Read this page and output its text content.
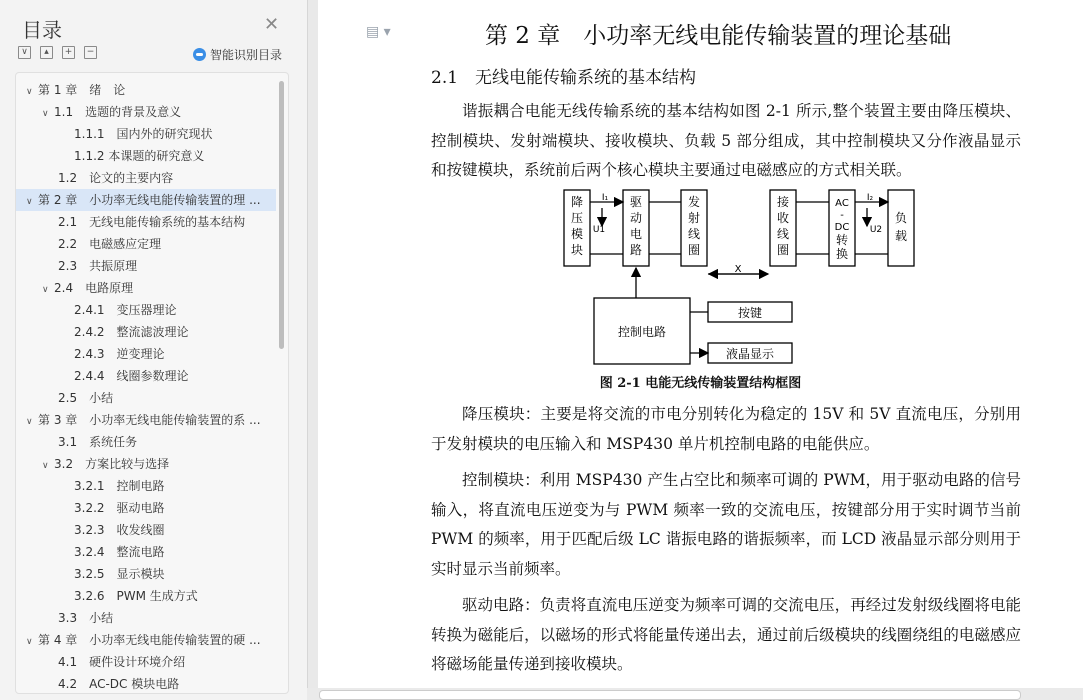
目录	✕
∨	▴	+	−	智能识别目录
∨ 第 1 章　绪　论
∨ 1.1　选题的背景及意义
1.1.1　国内外的研究现状
1.1.2 本课题的研究意义
1.2　论文的主要内容
∨ 第 2 章　小功率无线电能传输装置的理 ...
2.1　无线电能传输系统的基本结构
2.2　电磁感应定理
2.3　共振原理
∨ 2.4　电路原理
2.4.1　变压器理论
2.4.2　整流滤波理论
2.4.3　逆变理论
2.4.4　线圈参数理论
2.5　小结
∨ 第 3 章　小功率无线电能传输装置的系 ...
3.1　系统任务
∨ 3.2　方案比较与选择
3.2.1　控制电路
3.2.2　驱动电路
3.2.3　收发线圈
3.2.4　整流电路
3.2.5　显示模块
3.2.6　PWM 生成方式
3.3　小结
∨ 第 4 章　小功率无线电能传输装置的硬 ...
4.1　硬件设计环境介绍
4.2　AC-DC 模块电路
▤ ▾	第 2 章　小功率无线电能传输装置的理论基础
2.1　无线电能传输系统的基本结构
谐振耦合电能无线传输系统的基本结构如图 2-1 所示,整个装置主要由降压模块、控制模块、发射端模块、接收模块、负载 5 部分组成，其中控制模块又分作液晶显示和按键模块，系统前后两个核心模块主要通过电磁感应的方式相关联。
降
压
模
块
驱
动
电
路
发
射
线
圈
接
收
线
圈
AC
-
DC
转
换
负
载
控制电路
按键
液晶显示
I₁
U1
I₂
U2
X
图 2-1 电能无线传输装置结构框图
降压模块：主要是将交流的市电分别转化为稳定的 15V 和 5V 直流电压，分别用于发射模块的电压输入和 MSP430 单片机控制电路的电能供应。
控制模块：利用 MSP430 产生占空比和频率可调的 PWM，用于驱动电路的信号输入，将直流电压逆变为与 PWM 频率一致的交流电压，按键部分用于实时调节当前 PWM 的频率，用于匹配后级 LC 谐振电路的谐振频率，而 LCD 液晶显示部分则用于实时显示当前频率。
驱动电路：负责将直流电压逆变为频率可调的交流电压，再经过发射级线圈将电能转换为磁能后，以磁场的形式将能量传递出去，通过前后级模块的线圈绕组的电磁感应将磁场能量传递到接收模块。
